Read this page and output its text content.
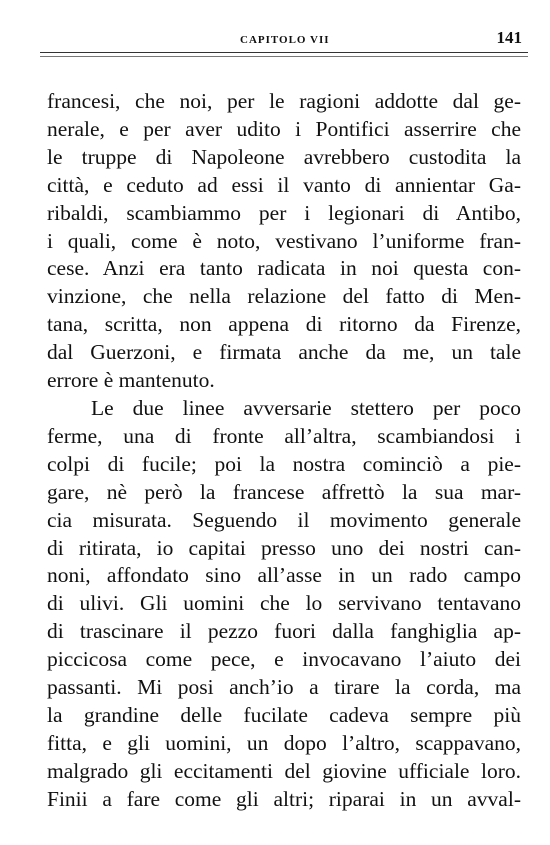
CAPITOLO VII	141
francesi, che noi, per le ragioni addotte dal ge-
nerale, e per aver udito i Pontifici asserrire che
le truppe di Napoleone avrebbero custodita la
città, e ceduto ad essi il vanto di annientar Ga-
ribaldi, scambiammo per i legionari di Antibo,
i quali, come è noto, vestivano l’uniforme fran-
cese. Anzi era tanto radicata in noi questa con-
vinzione, che nella relazione del fatto di Men-
tana, scritta, non appena di ritorno da Firenze,
dal Guerzoni, e firmata anche da me, un tale
errore è mantenuto.
Le due linee avversarie stettero per poco
ferme, una di fronte all’altra, scambiandosi i
colpi di fucile; poi la nostra cominciò a pie-
gare, nè però la francese affrettò la sua mar-
cia misurata. Seguendo il movimento generale
di ritirata, io capitai presso uno dei nostri can-
noni, affondato sino all’asse in un rado campo
di ulivi. Gli uomini che lo servivano tentavano
di trascinare il pezzo fuori dalla fanghiglia ap-
piccicosa come pece, e invocavano l’aiuto dei
passanti. Mi posi anch’io a tirare la corda, ma
la grandine delle fucilate cadeva sempre più
fitta, e gli uomini, un dopo l’altro, scappavano,
malgrado gli eccitamenti del giovine ufficiale loro.
Finii a fare come gli altri; riparai in un avval-
